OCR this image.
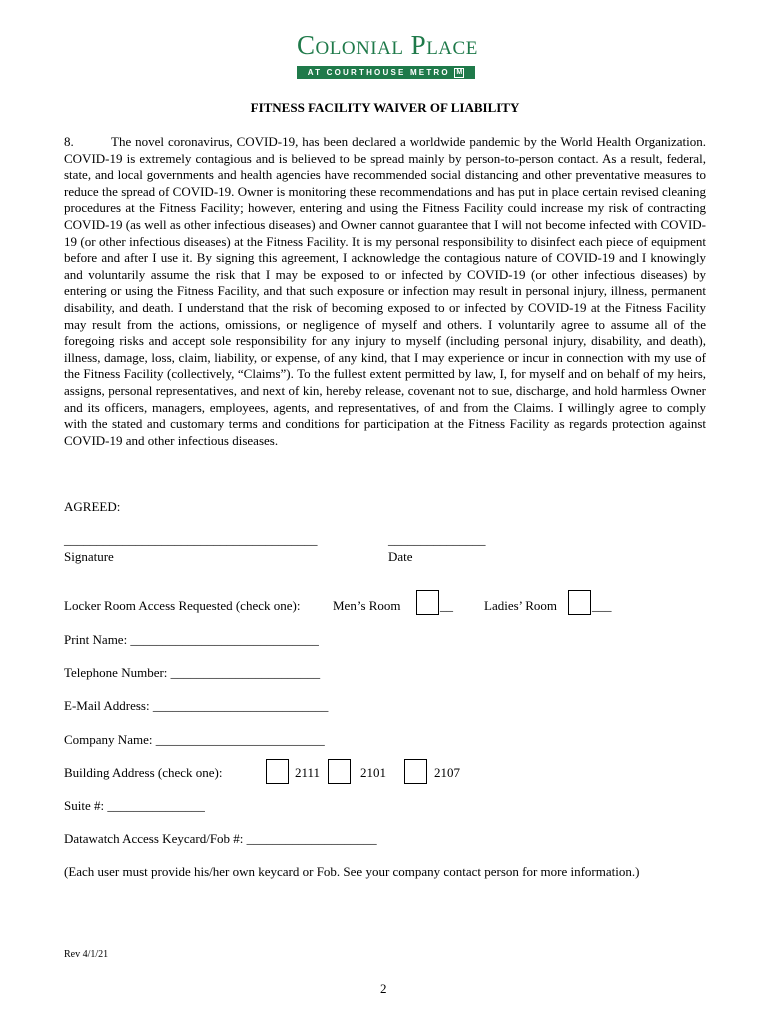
Colonial Place
AT COURTHOUSE METRO M
FITNESS FACILITY WAIVER OF LIABILITY
8.	The novel coronavirus, COVID-19, has been declared a worldwide pandemic by the World Health Organization. COVID-19 is extremely contagious and is believed to be spread mainly by person-to-person contact. As a result, federal, state, and local governments and health agencies have recommended social distancing and other preventative measures to reduce the spread of COVID-19. Owner is monitoring these recommendations and has put in place certain revised cleaning procedures at the Fitness Facility; however, entering and using the Fitness Facility could increase my risk of contracting COVID-19 (as well as other infectious diseases) and Owner cannot guarantee that I will not become infected with COVID-19 (or other infectious diseases) at the Fitness Facility. It is my personal responsibility to disinfect each piece of equipment before and after I use it. By signing this agreement, I acknowledge the contagious nature of COVID-19 and I knowingly and voluntarily assume the risk that I may be exposed to or infected by COVID-19 (or other infectious diseases) by entering or using the Fitness Facility, and that such exposure or infection may result in personal injury, illness, permanent disability, and death. I understand that the risk of becoming exposed to or infected by COVID-19 at the Fitness Facility may result from the actions, omissions, or negligence of myself and others. I voluntarily agree to assume all of the foregoing risks and accept sole responsibility for any injury to myself (including personal injury, disability, and death), illness, damage, loss, claim, liability, or expense, of any kind, that I may experience or incur in connection with my use of the Fitness Facility (collectively, “Claims”). To the fullest extent permitted by law, I, for myself and on behalf of my heirs, assigns, personal representatives, and next of kin, hereby release, covenant not to sue, discharge, and hold harmless Owner and its officers, managers, employees, agents, and representatives, of and from the Claims. I willingly agree to comply with the stated and customary terms and conditions for participation at the Fitness Facility as regards protection against COVID-19 and other infectious diseases.
AGREED:
_______________________________________	_______________
Signature	Date
Locker Room Access Requested (check one):	Men’s Room	__ Ladies’ Room	___
Print Name: _____________________________
Telephone Number: _______________________
E-Mail Address: ___________________________
Company Name: __________________________
Building Address (check one):	2111	2101	2107
Suite #: _______________
Datawatch Access Keycard/Fob #: ____________________
(Each user must provide his/her own keycard or Fob. See your company contact person for more information.)
Rev 4/1/21
2
